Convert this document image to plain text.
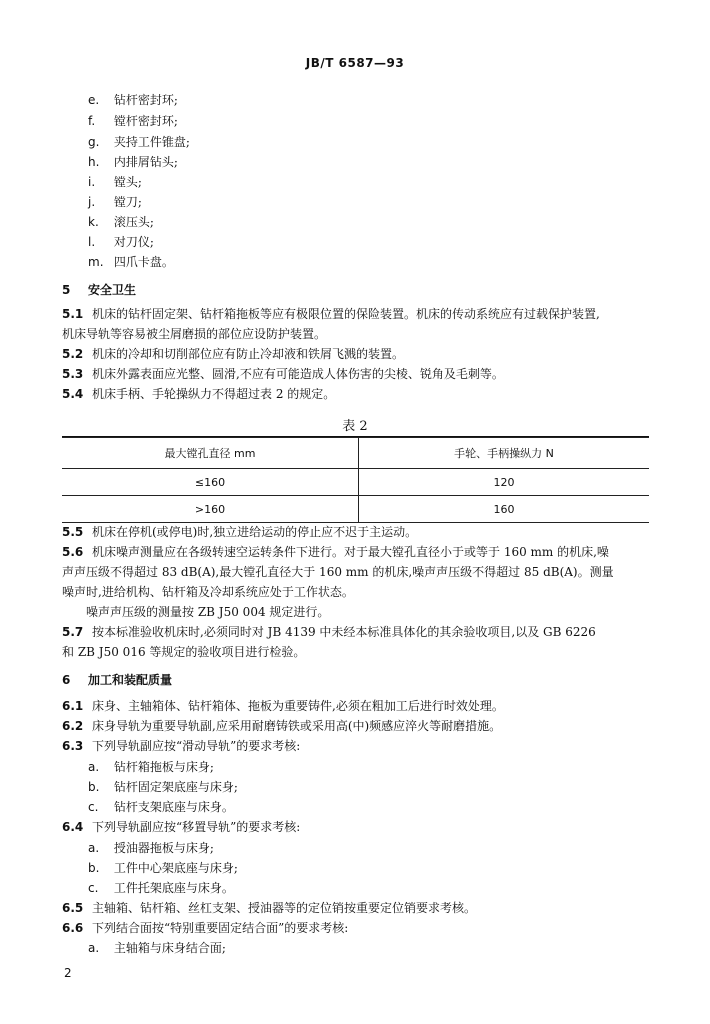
JB/T 6587—93
e. 钻杆密封环;
f. 镗杆密封环;
g. 夹持工件锥盘;
h. 内排屑钻头;
i. 镗头;
j. 镗刀;
k. 滚压头;
l. 对刀仪;
m. 四爪卡盘。
5 安全卫生
5.1 机床的钻杆固定架、钻杆箱拖板等应有极限位置的保险装置。机床的传动系统应有过载保护装置,
机床导轨等容易被尘屑磨损的部位应设防护装置。
5.2 机床的冷却和切削部位应有防止冷却液和铁屑飞溅的装置。
5.3 机床外露表面应光整、圆滑,不应有可能造成人体伤害的尖棱、锐角及毛刺等。
5.4 机床手柄、手轮操纵力不得超过表 2 的规定。
表 2
最大镗孔直径 mm	手轮、手柄操纵力 N
≤160	120
>160	160
5.5 机床在停机(或停电)时,独立进给运动的停止应不迟于主运动。
5.6 机床噪声测量应在各级转速空运转条件下进行。对于最大镗孔直径小于或等于 160 mm 的机床,噪
声声压级不得超过 83 dB(A),最大镗孔直径大于 160 mm 的机床,噪声声压级不得超过 85 dB(A)。测量
噪声时,进给机构、钻杆箱及冷却系统应处于工作状态。
噪声声压级的测量按 ZB J50 004 规定进行。
5.7 按本标准验收机床时,必须同时对 JB 4139 中未经本标准具体化的其余验收项目,以及 GB 6226
和 ZB J50 016 等规定的验收项目进行检验。
6 加工和装配质量
6.1 床身、主轴箱体、钻杆箱体、拖板为重要铸件,必须在粗加工后进行时效处理。
6.2 床身导轨为重要导轨副,应采用耐磨铸铁或采用高(中)频感应淬火等耐磨措施。
6.3 下列导轨副应按“滑动导轨”的要求考核:
a. 钻杆箱拖板与床身;
b. 钻杆固定架底座与床身;
c. 钻杆支架底座与床身。
6.4 下列导轨副应按“移置导轨”的要求考核:
a. 授油器拖板与床身;
b. 工件中心架底座与床身;
c. 工件托架底座与床身。
6.5 主轴箱、钻杆箱、丝杠支架、授油器等的定位销按重要定位销要求考核。
6.6 下列结合面按“特别重要固定结合面”的要求考核:
a. 主轴箱与床身结合面;
2
